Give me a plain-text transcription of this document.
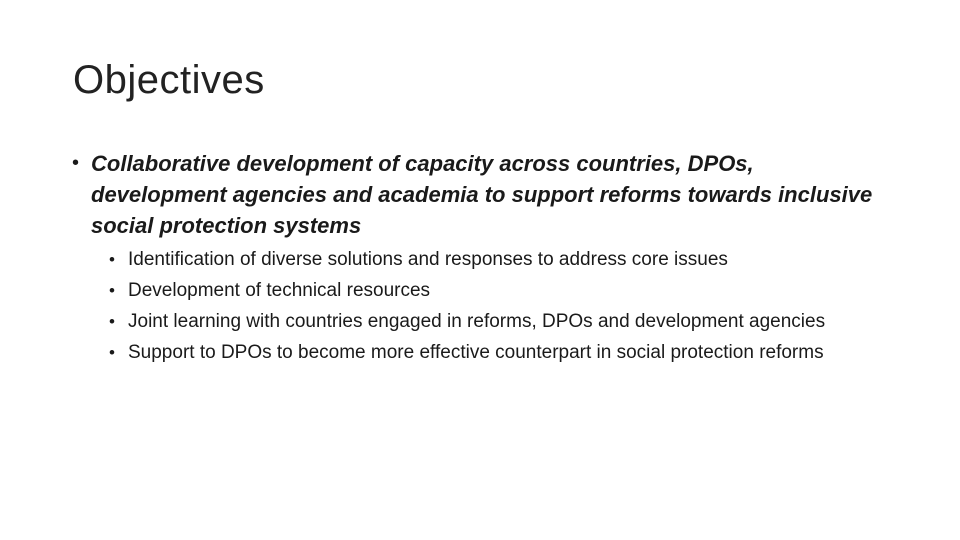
Objectives
• Collaborative development of capacity across countries, DPOs, development agencies and academia to support reforms towards inclusive social protection systems
• Identification of diverse solutions and responses to address core issues
• Development of technical resources
• Joint learning with countries engaged in reforms, DPOs and development agencies
• Support to DPOs to become more effective counterpart in social protection reforms
